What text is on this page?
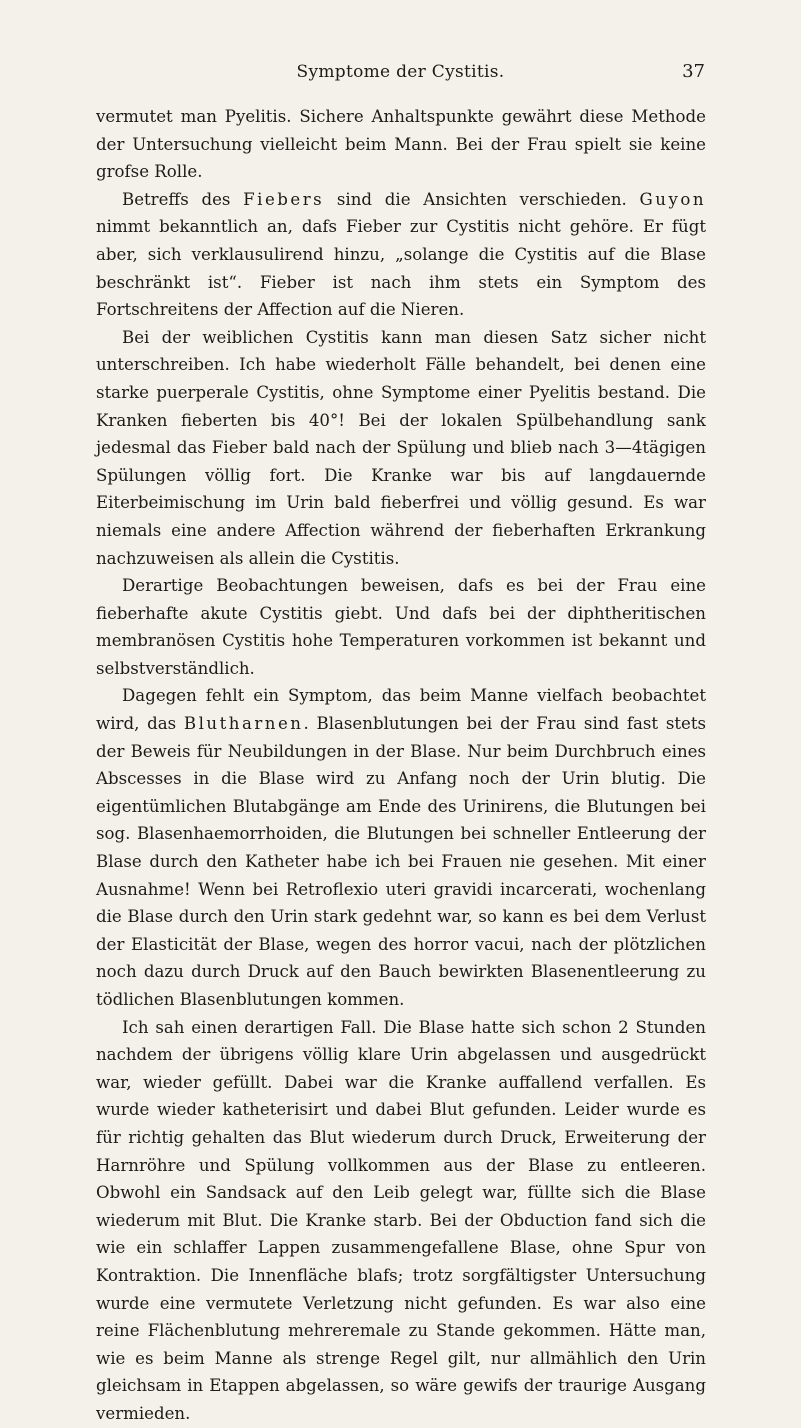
Symptome der Cystitis.	37

vermutet man Pyelitis. Sichere Anhaltspunkte gewährt diese Methode der Untersuchung vielleicht beim Mann. Bei der Frau spielt sie keine grofse Rolle.

Betreffs des Fiebers sind die Ansichten verschieden. Guyon nimmt bekanntlich an, dafs Fieber zur Cystitis nicht gehöre. Er fügt aber, sich verklausulirend hinzu, „solange die Cystitis auf die Blase beschränkt ist“. Fieber ist nach ihm stets ein Symptom des Fortschreitens der Affection auf die Nieren.

Bei der weiblichen Cystitis kann man diesen Satz sicher nicht unterschreiben. Ich habe wiederholt Fälle behandelt, bei denen eine starke puerperale Cystitis, ohne Symptome einer Pyelitis bestand. Die Kranken fieberten bis 40°! Bei der lokalen Spülbehandlung sank jedesmal das Fieber bald nach der Spülung und blieb nach 3—4tägigen Spülungen völlig fort. Die Kranke war bis auf langdauernde Eiterbeimischung im Urin bald fieberfrei und völlig gesund. Es war niemals eine andere Affection während der fieberhaften Erkrankung nachzuweisen als allein die Cystitis.

Derartige Beobachtungen beweisen, dafs es bei der Frau eine fieberhafte akute Cystitis giebt. Und dafs bei der diphtheritischen membranösen Cystitis hohe Temperaturen vorkommen ist bekannt und selbstverständlich.

Dagegen fehlt ein Symptom, das beim Manne vielfach beobachtet wird, das Blutharnen. Blasenblutungen bei der Frau sind fast stets der Beweis für Neubildungen in der Blase. Nur beim Durchbruch eines Abscesses in die Blase wird zu Anfang noch der Urin blutig. Die eigentümlichen Blutabgänge am Ende des Urinirens, die Blutungen bei sog. Blasenhaemorrhoiden, die Blutungen bei schneller Entleerung der Blase durch den Katheter habe ich bei Frauen nie gesehen. Mit einer Ausnahme! Wenn bei Retroflexio uteri gravidi incarcerati, wochenlang die Blase durch den Urin stark gedehnt war, so kann es bei dem Verlust der Elasticität der Blase, wegen des horror vacui, nach der plötzlichen noch dazu durch Druck auf den Bauch bewirkten Blasenentleerung zu tödlichen Blasenblutungen kommen.

Ich sah einen derartigen Fall. Die Blase hatte sich schon 2 Stunden nachdem der übrigens völlig klare Urin abgelassen und ausgedrückt war, wieder gefüllt. Dabei war die Kranke auffallend verfallen. Es wurde wieder katheterisirt und dabei Blut gefunden. Leider wurde es für richtig gehalten das Blut wiederum durch Druck, Erweiterung der Harnröhre und Spülung vollkommen aus der Blase zu entleeren. Obwohl ein Sandsack auf den Leib gelegt war, füllte sich die Blase wiederum mit Blut. Die Kranke starb. Bei der Obduction fand sich die wie ein schlaffer Lappen zusammengefallene Blase, ohne Spur von Kontraktion. Die Innenfläche blafs; trotz sorgfältigster Untersuchung wurde eine vermutete Verletzung nicht gefunden. Es war also eine reine Flächenblutung mehreremale zu Stande gekommen. Hätte man, wie es beim Manne als strenge Regel gilt, nur allmählich den Urin gleichsam in Etappen abgelassen, so wäre gewifs der traurige Ausgang vermieden.
